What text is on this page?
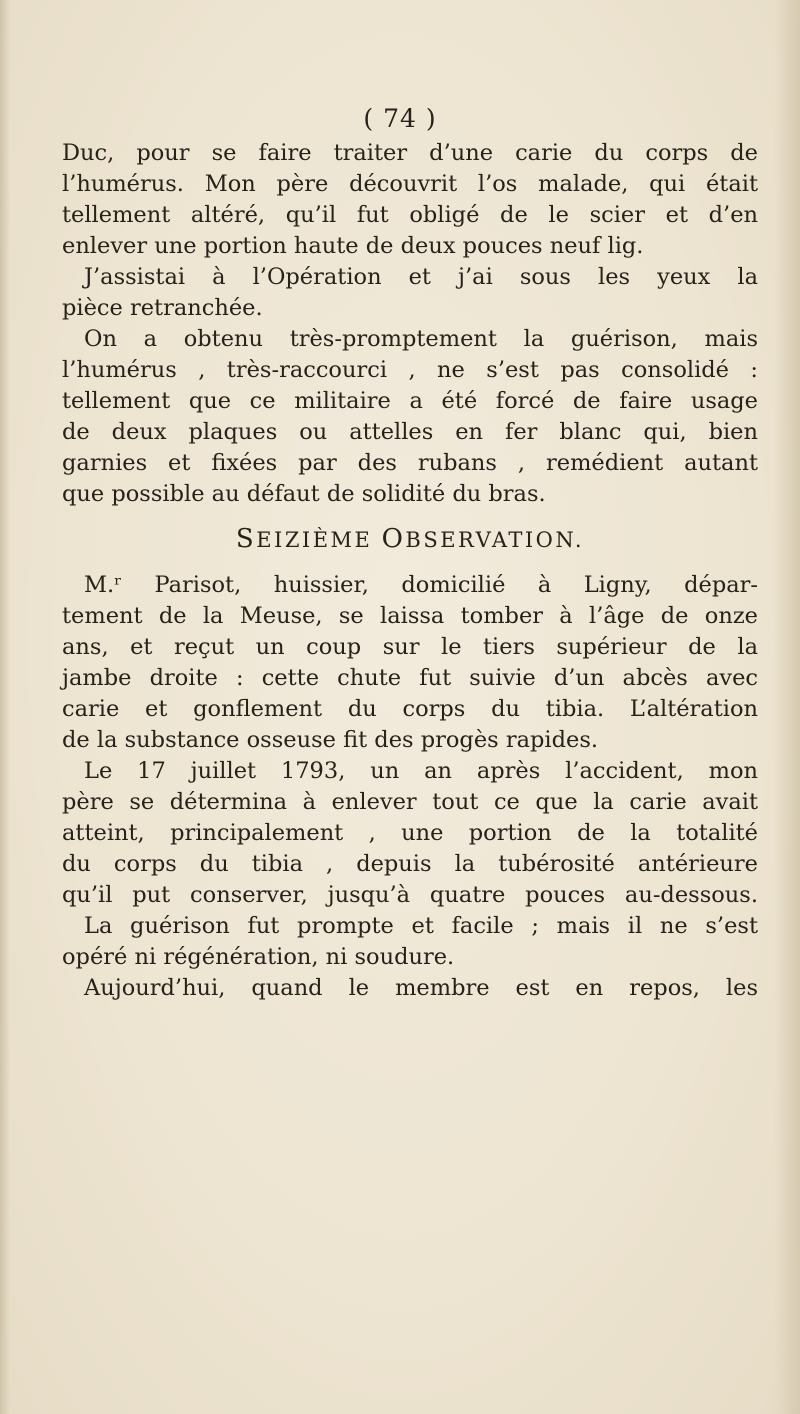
( 74 )
Duc, pour se faire traiter d’une carie du corps de
l’humérus. Mon père découvrit l’os malade, qui était
tellement altéré, qu’il fut obligé de le scier et d’en
enlever une portion haute de deux pouces neuf lig.
J’assistai à l’Opération et j’ai sous les yeux la
pièce retranchée.
On a obtenu très-promptement la guérison, mais
l’humérus , très-raccourci , ne s’est pas consolidé :
tellement que ce militaire a été forcé de faire usage
de deux plaques ou attelles en fer blanc qui, bien
garnies et fixées par des rubans , remédient autant
que possible au défaut de solidité du bras.
SEIZIÈME OBSERVATION.
M.ʳ Parisot, huissier, domicilié à Ligny, dépar-
tement de la Meuse, se laissa tomber à l’âge de onze
ans, et reçut un coup sur le tiers supérieur de la
jambe droite : cette chute fut suivie d’un abcès avec
carie et gonflement du corps du tibia. L’altération
de la substance osseuse fit des progès rapides.
Le 17 juillet 1793, un an après l’accident, mon
père se détermina à enlever tout ce que la carie avait
atteint, principalement , une portion de la totalité
du corps du tibia , depuis la tubérosité antérieure
qu’il put conserver, jusqu’à quatre pouces au-dessous.
La guérison fut prompte et facile ; mais il ne s’est
opéré ni régénération, ni soudure.
Aujourd’hui, quand le membre est en repos, les
